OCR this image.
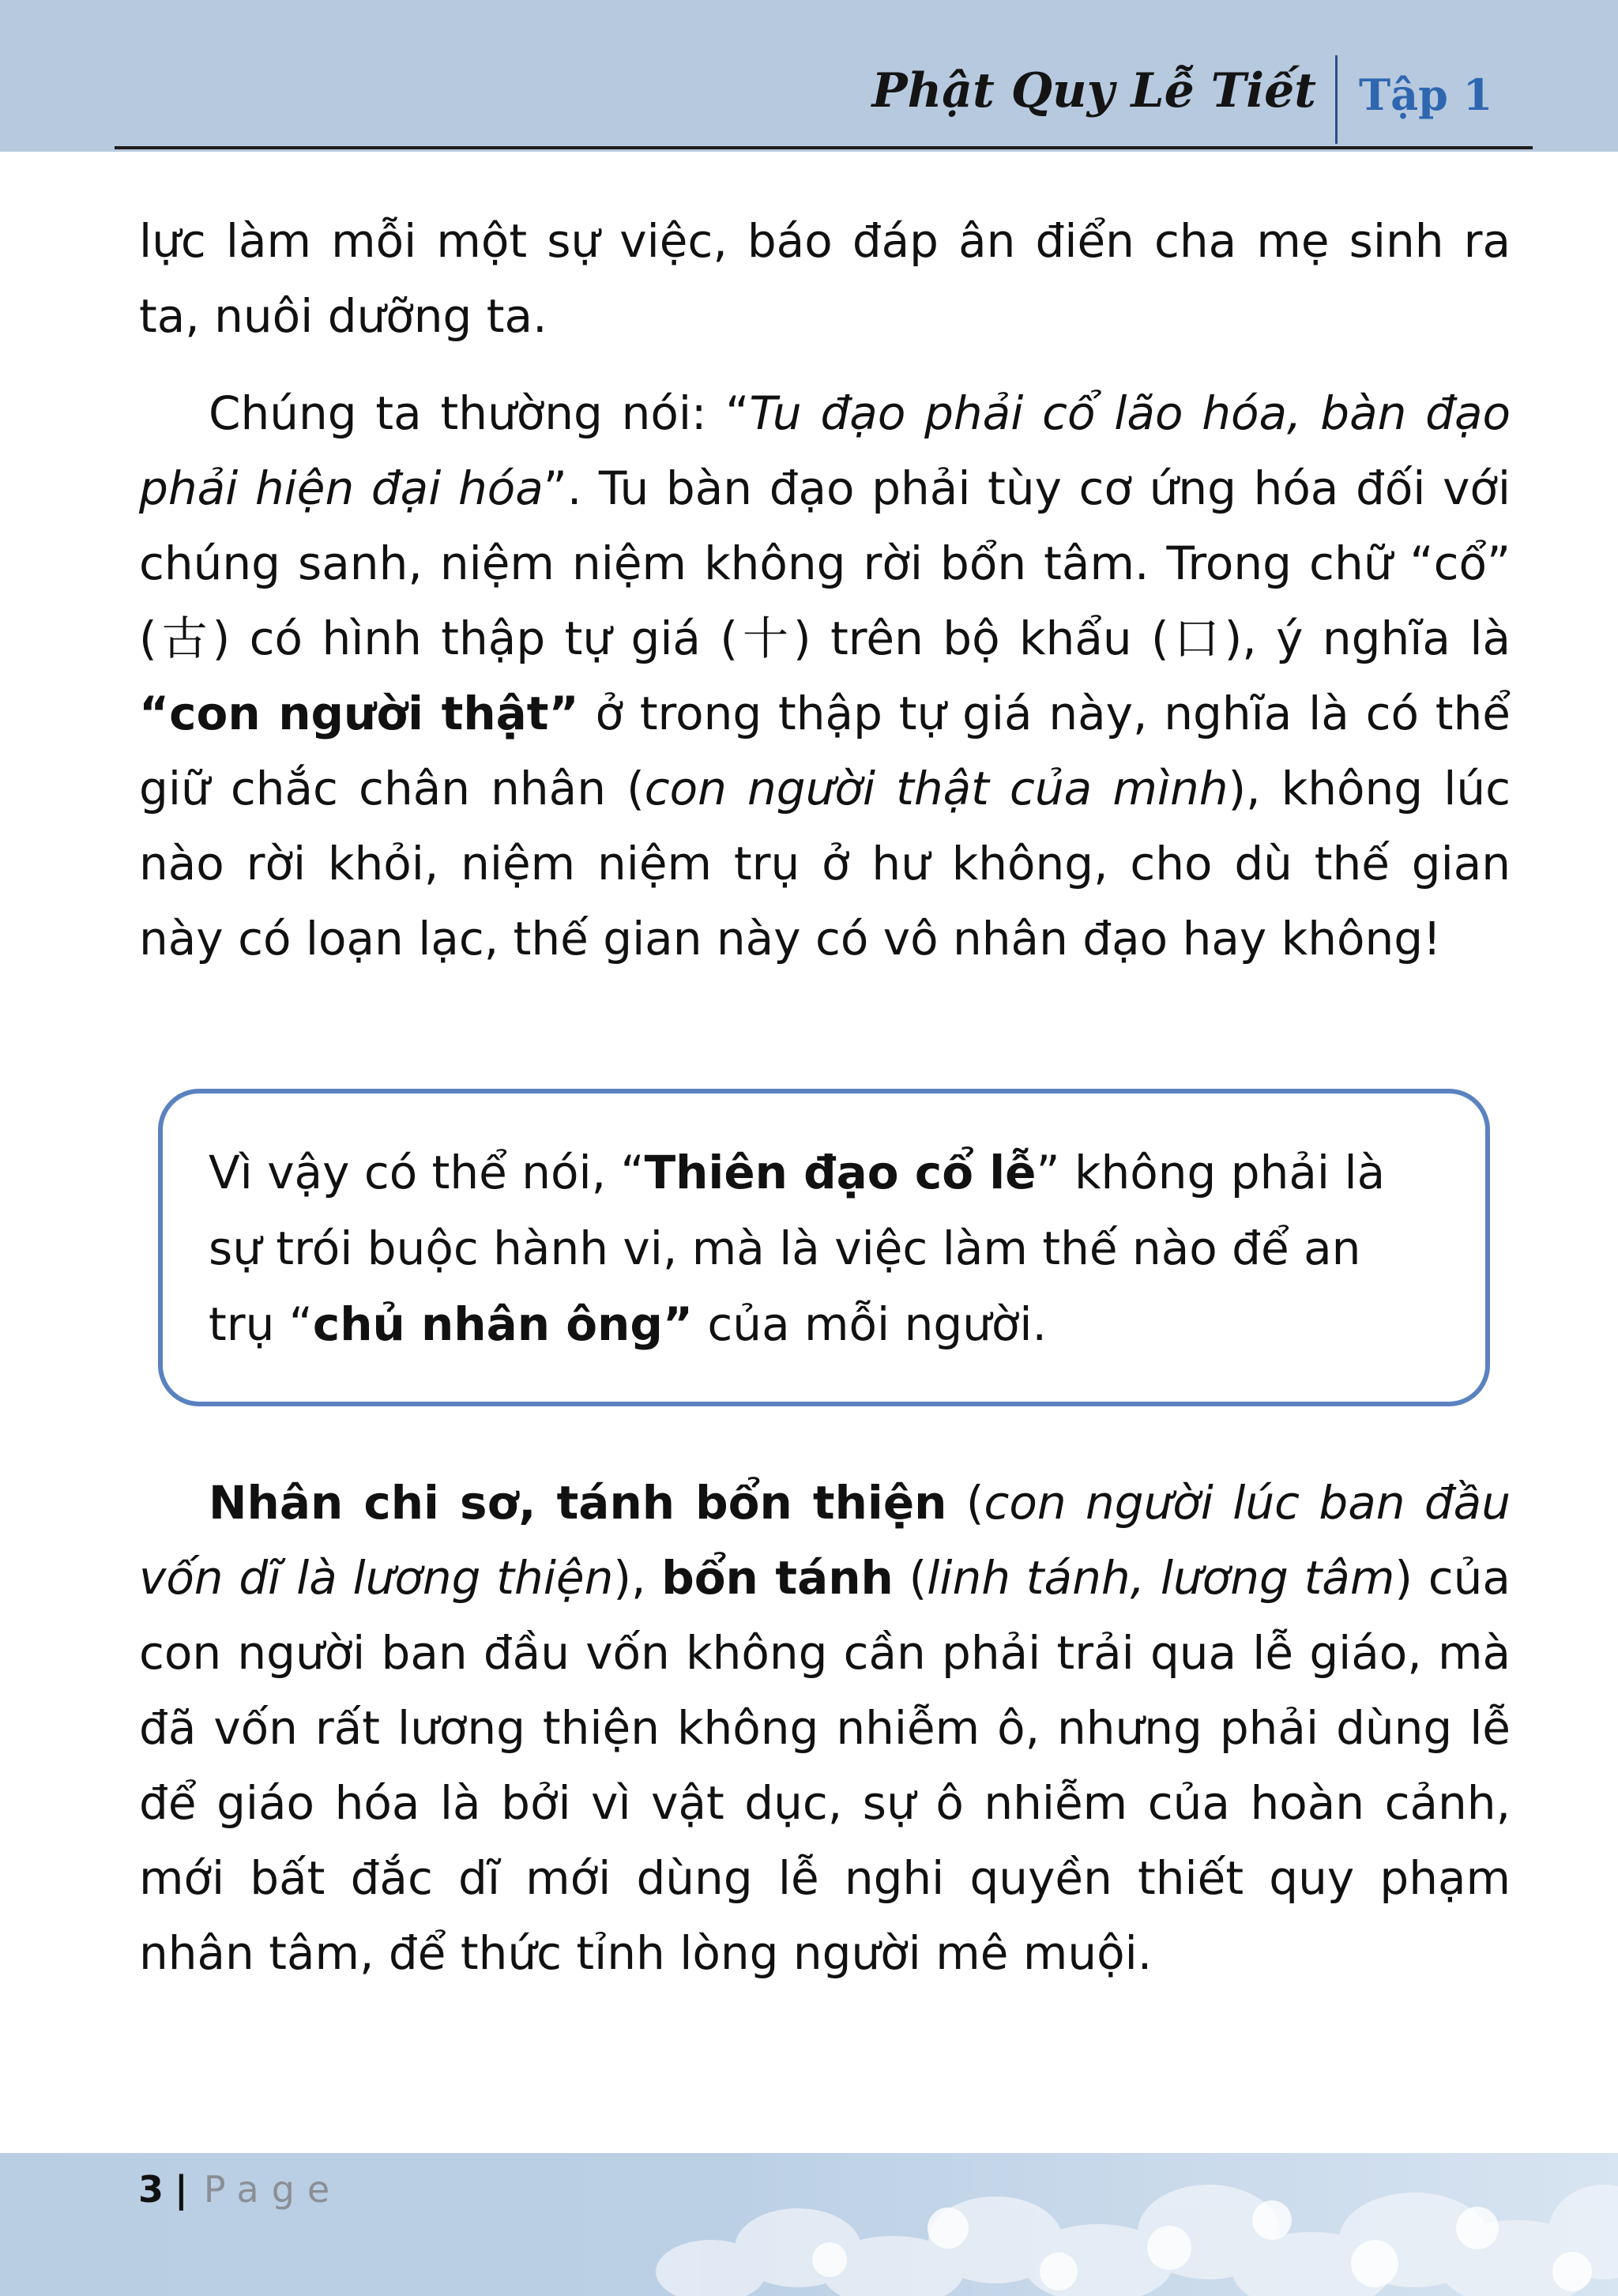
Phật Quy Lễ Tiết Tập 1

lực làm mỗi một sự việc, báo đáp ân điển cha mẹ sinh ra ta, nuôi dưỡng ta.

Chúng ta thường nói: “Tu đạo phải cổ lão hóa, bàn đạo phải hiện đại hóa”. Tu bàn đạo phải tùy cơ ứng hóa đối với chúng sanh, niệm niệm không rời bổn tâm. Trong chữ “cổ” (古) có hình thập tự giá (十) trên bộ khẩu (口), ý nghĩa là “con người thật” ở trong thập tự giá này, nghĩa là có thể giữ chắc chân nhân (con người thật của mình), không lúc nào rời khỏi, niệm niệm trụ ở hư không, cho dù thế gian này có loạn lạc, thế gian này có vô nhân đạo hay không!

Vì vậy có thể nói, “Thiên đạo cổ lễ” không phải là sự trói buộc hành vi, mà là việc làm thế nào để an trụ “chủ nhân ông” của mỗi người.
Nhân chi sơ, tánh bổn thiện (con người lúc ban đầu vốn dĩ là lương thiện), bổn tánh (linh tánh, lương tâm) của con người ban đầu vốn không cần phải trải qua lễ giáo, mà đã vốn rất lương thiện không nhiễm ô, nhưng phải dùng lễ để giáo hóa là bởi vì vật dục, sự ô nhiễm của hoàn cảnh, mới bất đắc dĩ mới dùng lễ nghi quyền thiết quy phạm nhân tâm, để thức tỉnh lòng người mê muội.
3 | Page
